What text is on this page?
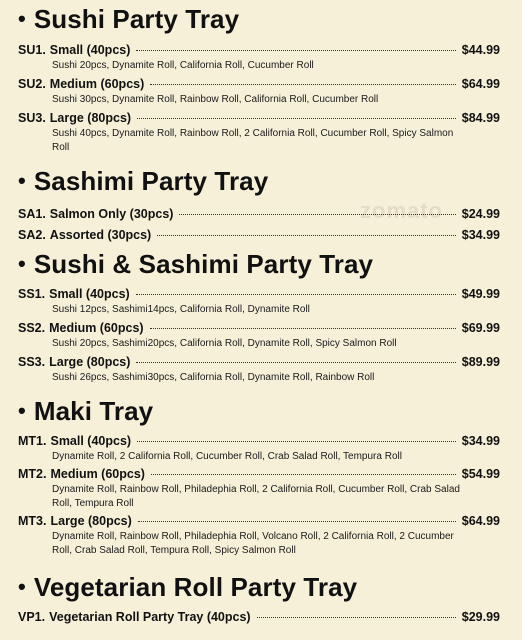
zomato
• Sushi Party Tray
SU1. Small (40pcs)	$44.99
Sushi 20pcs, Dynamite Roll, California Roll, Cucumber Roll
SU2. Medium (60pcs)	$64.99
Sushi 30pcs, Dynamite Roll, Rainbow Roll, California Roll, Cucumber Roll
SU3. Large (80pcs)	$84.99
Sushi 40pcs, Dynamite Roll, Rainbow Roll, 2 California Roll, Cucumber Roll, Spicy Salmon Roll
• Sashimi Party Tray
SA1. Salmon Only (30pcs)	$24.99
SA2. Assorted (30pcs)	$34.99
• Sushi & Sashimi Party Tray
SS1. Small (40pcs)	$49.99
Sushi 12pcs, Sashimi14pcs, California Roll, Dynamite Roll
SS2. Medium (60pcs)	$69.99
Sushi 20pcs, Sashimi20pcs, California Roll, Dynamite Roll, Spicy Salmon Roll
SS3. Large (80pcs)	$89.99
Sushi 26pcs, Sashimi30pcs, California Roll, Dynamite Roll, Rainbow Roll
• Maki Tray
MT1. Small (40pcs)	$34.99
Dynamite Roll, 2 California Roll, Cucumber Roll, Crab Salad Roll, Tempura Roll
MT2. Medium (60pcs)	$54.99
Dynamite Roll, Rainbow Roll, Philadephia Roll, 2 California Roll, Cucumber Roll, Crab Salad Roll, Tempura Roll
MT3. Large (80pcs)	$64.99
Dynamite Roll, Rainbow Roll, Philadephia Roll, Volcano Roll, 2 California Roll, 2 Cucumber Roll, Crab Salad Roll, Tempura Roll, Spicy Salmon Roll
• Vegetarian Roll Party Tray
VP1. Vegetarian Roll Party Tray (40pcs)	$29.99
